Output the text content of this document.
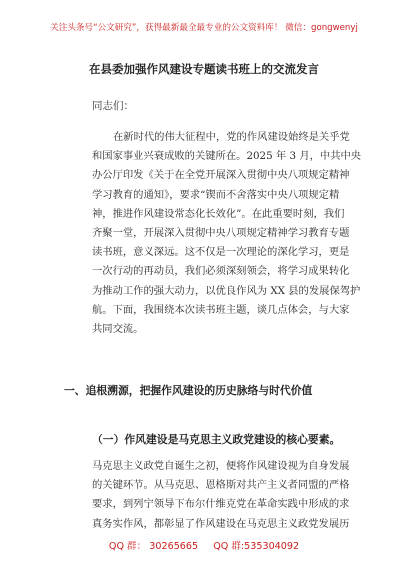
关注头条号“公文研究”，获得最新最全最专业的公文资料库！ 微信：gongwenyj
在县委加强作风建设专题读书班上的交流发言
同志们：
在新时代的伟大征程中，党的作风建设始终是关乎党
和国家事业兴衰成败的关键所在。2025 年 3 月，中共中央
办公厅印发《关于在全党开展深入贯彻中央八项规定精神
学习教育的通知》，要求“锲而不舍落实中央八项规定精
神，推进作风建设常态化长效化”。在此重要时刻，我们
齐聚一堂，开展深入贯彻中央八项规定精神学习教育专题
读书班，意义深远。这不仅是一次理论的深化学习，更是
一次行动的再动员，我们必须深刻领会，将学习成果转化
为推动工作的强大动力，以优良作风为 XX 县的发展保驾护
航。下面，我围绕本次读书班主题，谈几点体会，与大家
共同交流。
一、追根溯源，把握作风建设的历史脉络与时代价值
（一）作风建设是马克思主义政党建设的核心要素。
马克思主义政党自诞生之初，便将作风建设视为自身发展
的关键环节。从马克思、恩格斯对共产主义者同盟的严格
要求，到列宁领导下布尔什维克党在革命实践中形成的求
真务实作风，都彰显了作风建设在马克思主义政党发展历
QQ 群： 30265665 QQ 群:535304092
